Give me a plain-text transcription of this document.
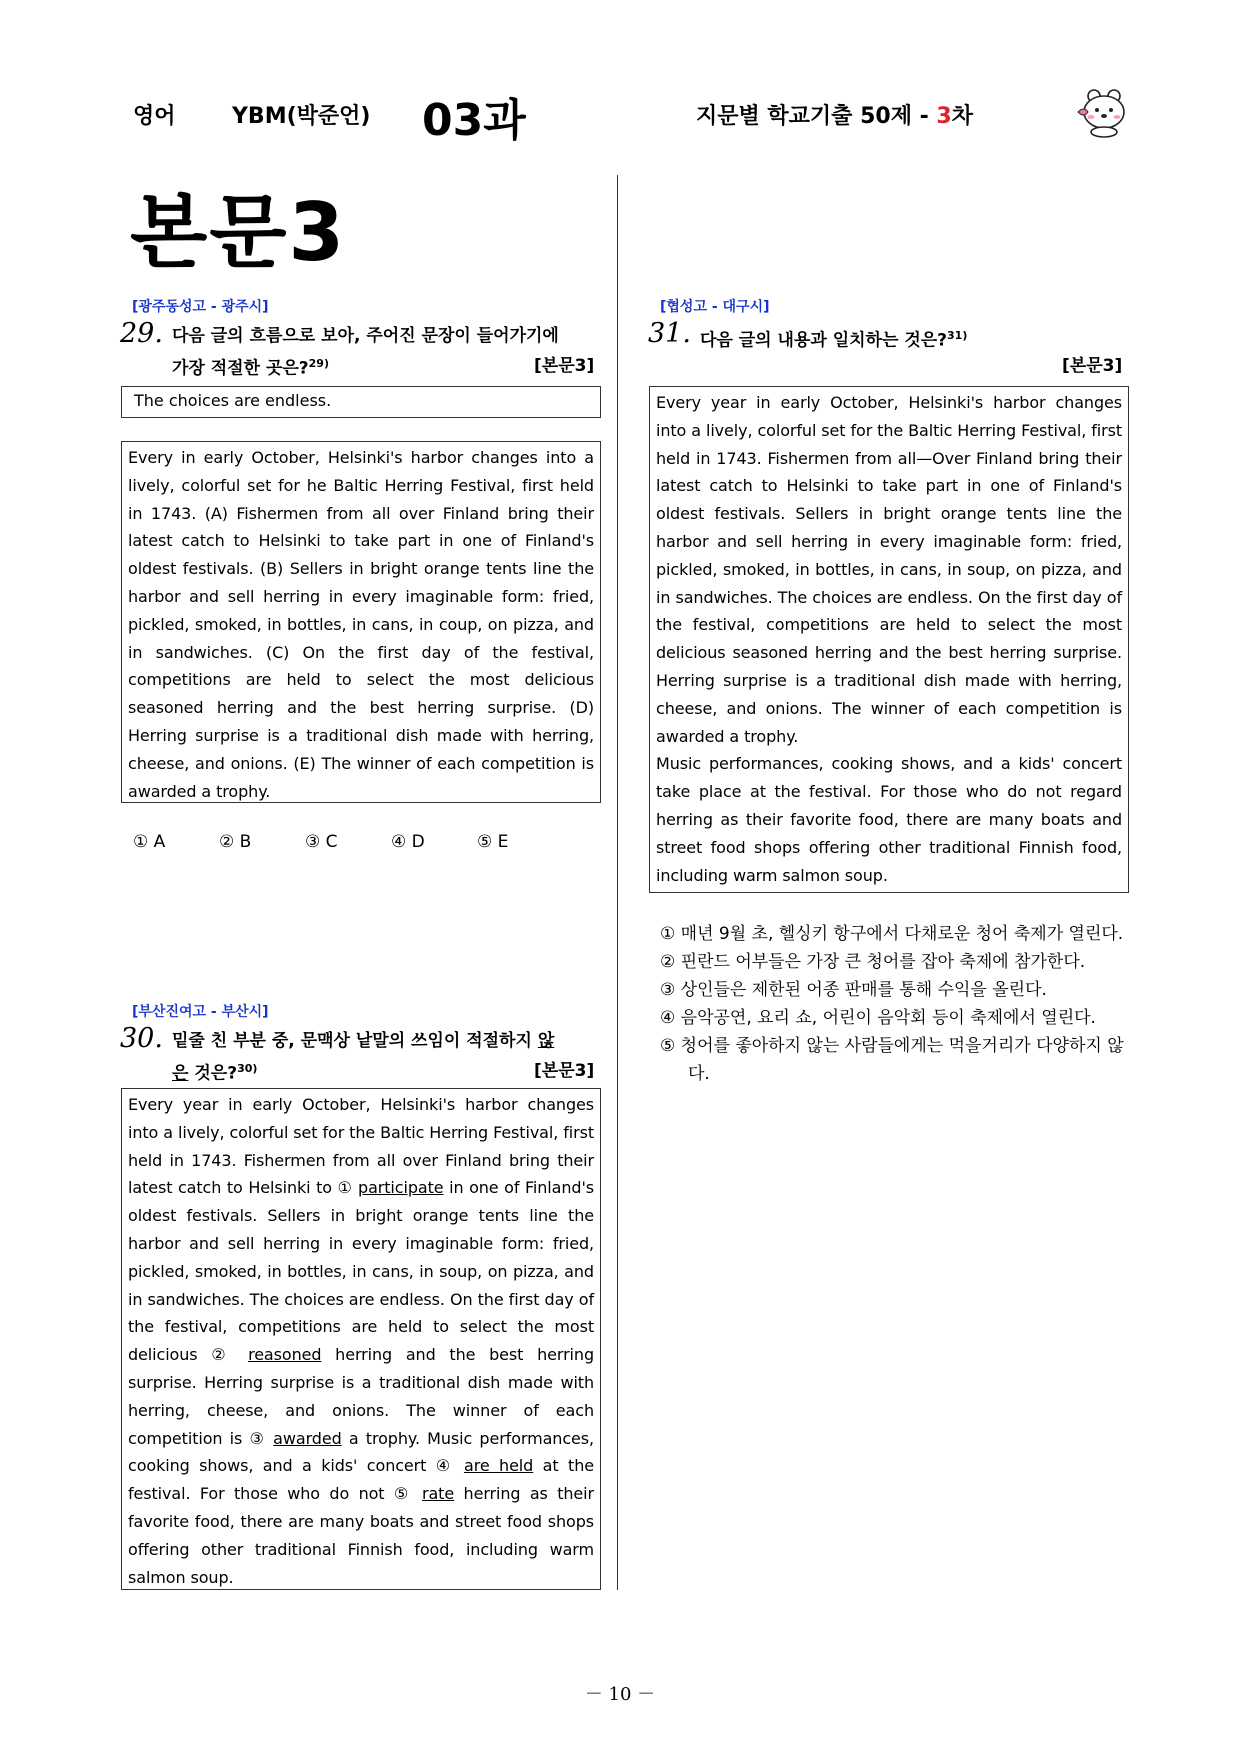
영어	YBM(박준언) 03과	지문별 학교기출 50제 - 3차
본문3
[광주동성고 - 광주시]
29. 다음 글의 흐름으로 보아, 주어진 문장이 들어가기에
가장 적절한 곳은?$^{29)}$	[본문3]
The choices are endless.
Every in early October, Helsinki's harbor changes into a lively, colorful set for he Baltic Herring Festival, first held in 1743. (A) Fishermen from all over Finland bring their latest catch to Helsinki to take part in one of Finland's oldest festivals. (B) Sellers in bright orange tents line the harbor and sell herring in every imaginable form: fried, pickled, smoked, in bottles, in cans, in coup, on pizza, and in sandwiches. (C) On the first day of the festival, competitions are held to select the most delicious seasoned herring and the best herring surprise. (D) Herring surprise is a traditional dish made with herring, cheese, and onions. (E) The winner of each competition is awarded a trophy.
① A	② B	③ C	④ D	⑤ E
[부산진여고 - 부산시]
30. 밑줄 친 부분 중, 문맥상 낱말의 쓰임이 적절하지 않
은 것은?$^{30)}$	[본문3]
Every year in early October, Helsinki's harbor changes into a lively, colorful set for the Baltic Herring Festival, first held in 1743. Fishermen from all over Finland bring their latest catch to Helsinki to ① participate in one of Finland's oldest festivals. Sellers in bright orange tents line the harbor and sell herring in every imaginable form: fried, pickled, smoked, in bottles, in cans, in soup, on pizza, and in sandwiches. The choices are endless. On the first day of the festival, competitions are held to select the most delicious ② reasoned herring and the best herring surprise. Herring surprise is a traditional dish made with herring, cheese, and onions. The winner of each competition is ③ awarded a trophy. Music performances, cooking shows, and a kids' concert ④ are held at the festival. For those who do not ⑤ rate herring as their favorite food, there are many boats and street food shops offering other traditional Finnish food, including warm salmon soup.
[협성고 - 대구시]
31. 다음 글의 내용과 일치하는 것은?$^{31)}$
[본문3]
Every year in early October, Helsinki's harbor changes into a lively, colorful set for the Baltic Herring Festival, first held in 1743. Fishermen from all—Over Finland bring their latest catch to Helsinki to take part in one of Finland's oldest festivals. Sellers in bright orange tents line the harbor and sell herring in every imaginable form: fried, pickled, smoked, in bottles, in cans, in soup, on pizza, and in sandwiches. The choices are endless. On the first day of the festival, competitions are held to select the most delicious seasoned herring and the best herring surprise. Herring surprise is a traditional dish made with herring, cheese, and onions. The winner of each competition is awarded a trophy.
Music performances, cooking shows, and a kids' concert take place at the festival. For those who do not regard herring as their favorite food, there are many boats and street food shops offering other traditional Finnish food, including warm salmon soup.
① 매년 9월 초, 헬싱키 항구에서 다채로운 청어 축제가 열린다.
② 핀란드 어부들은 가장 큰 청어를 잡아 축제에 참가한다.
③ 상인들은 제한된 어종 판매를 통해 수익을 올린다.
④ 음악공연, 요리 쇼, 어린이 음악회 등이 축제에서 열린다.
⑤ 청어를 좋아하지 않는 사람들에게는 먹을거리가 다양하지 않다.
－ 10 －
